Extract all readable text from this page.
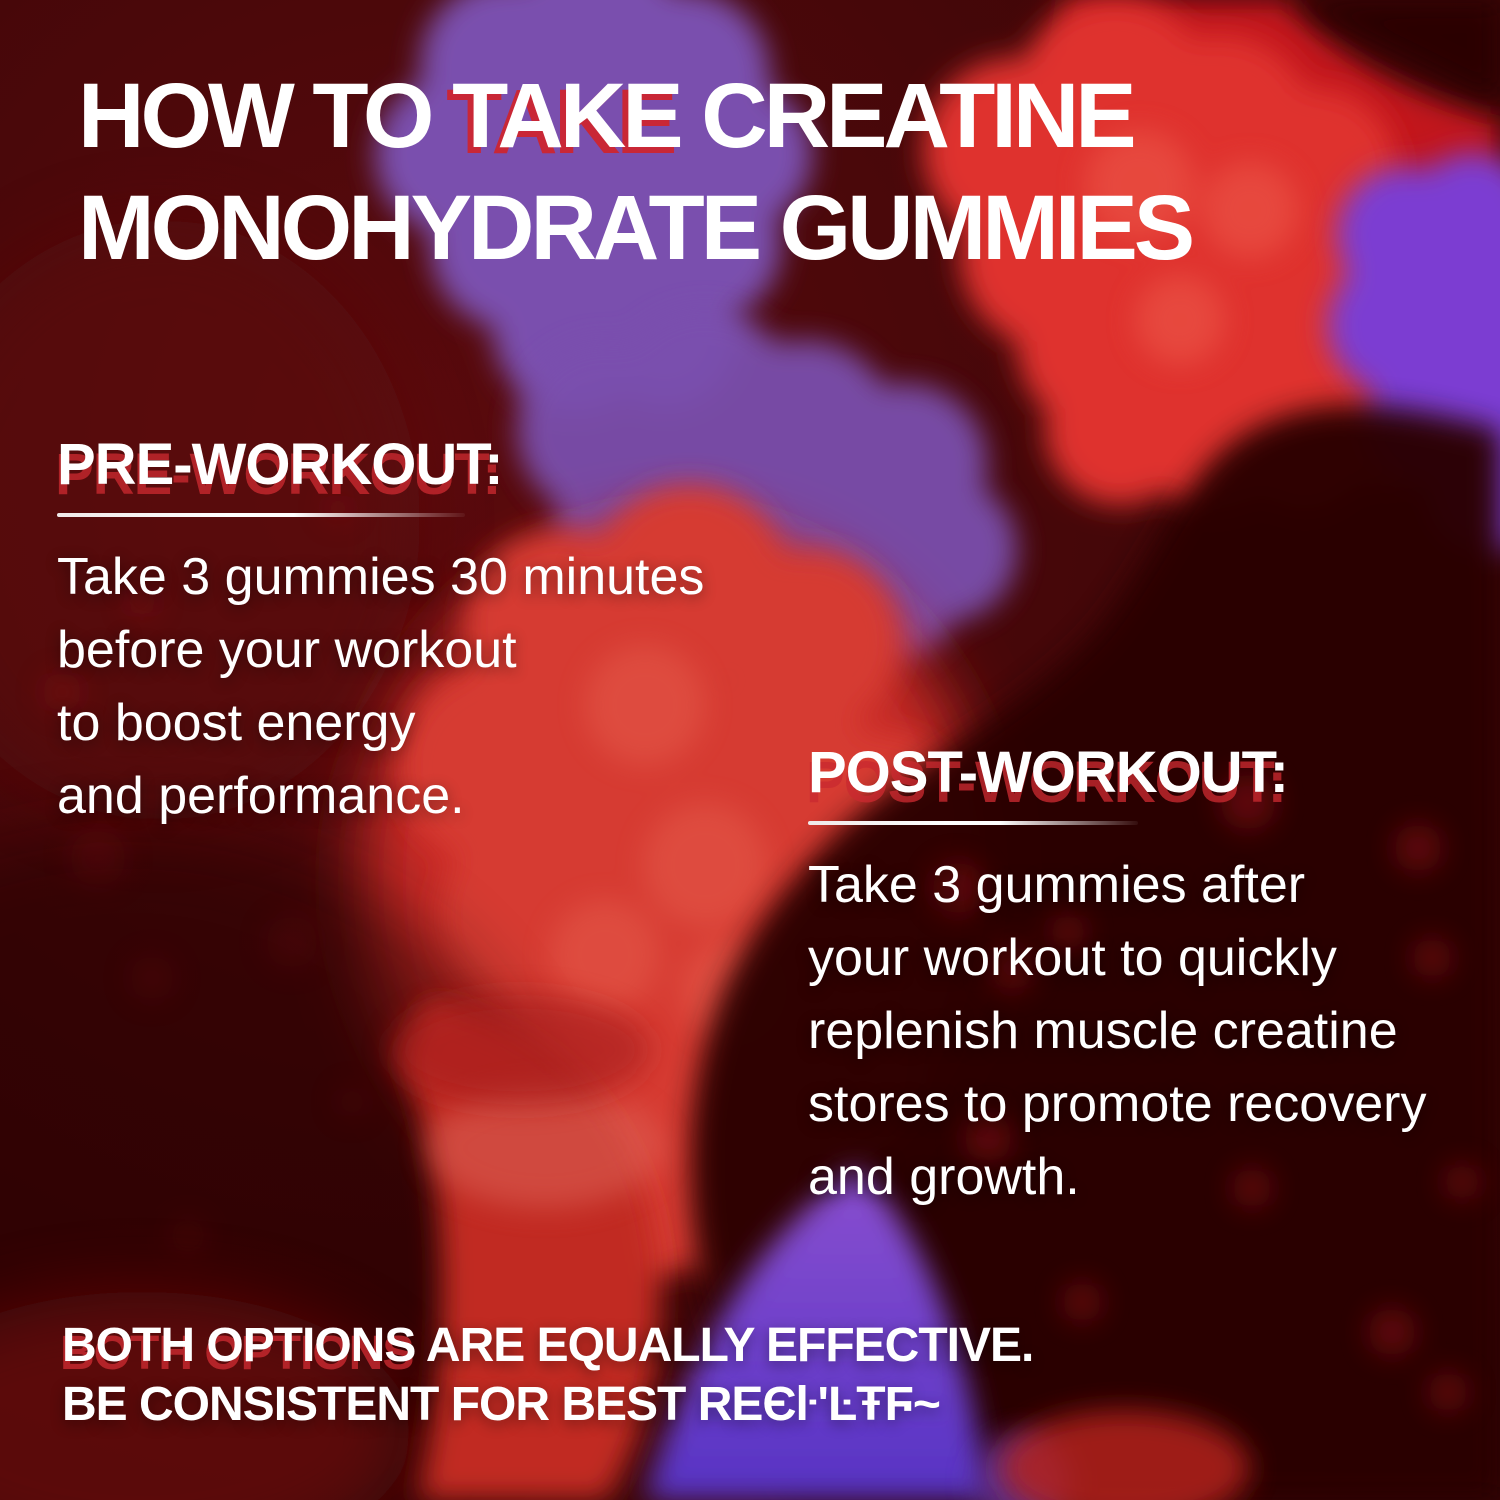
HOW TO TAKE CREATINE
MONOHYDRATE GUMMIES
PRE-WORKOUT:
Take 3 gummies 30 minutes
before your workout
to boost energy
and performance.	POST-WORKOUT:
Take 3 gummies after
your workout to quickly
replenish muscle creatine
stores to promote recovery
and growth.
BOTH OPTIONS ARE EQUALLY EFFECTIVE.
BE CONSISTENT FOR BEST REЄŀ'ĿŦϜ~
